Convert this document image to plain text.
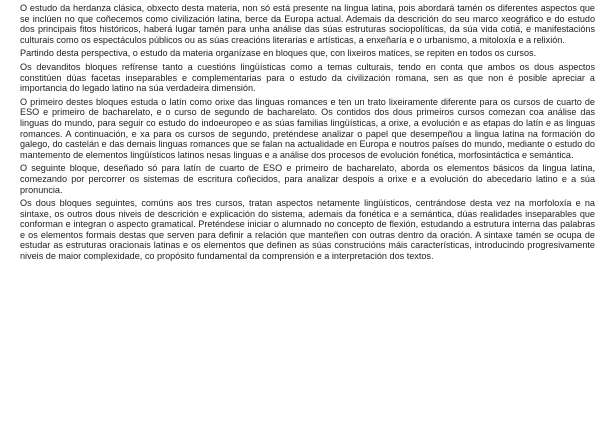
O estudo da herdanza clásica, obxecto desta materia, non só está presente na lingua latina, pois abordará tamén os diferentes aspectos que se inclúen no que coñecemos como civilización latina, berce da Europa actual. Ademais da descrición do seu marco xeográfico e do estudo dos principais fitos históricos, haberá lugar tamén para unha análise das súas estruturas sociopolíticas, da súa vida cotiá, e manifestacións culturais como os espectáculos públicos ou as súas creacións literarias e artísticas, a enxeñaría e o urbanismo, a mitoloxía e a relixión.

Partindo desta perspectiva, o estudo da materia organízase en bloques que, con lixeiros matices, se repiten en todos os cursos.

Os devanditos bloques refírense tanto a cuestións lingüísticas como a temas culturais, tendo en conta que ambos os dous aspectos constitúen dúas facetas inseparables e complementarias para o estudo da civilización romana, sen as que non é posible apreciar a importancia do legado latino na súa verdadeira dimensión.

O primeiro destes bloques estuda o latín como orixe das linguas romances e ten un trato lixeiramente diferente para os cursos de cuarto de ESO e primeiro de bacharelato, e o curso de segundo de bacharelato. Os contidos dos dous primeiros cursos comezan coa análise das linguas do mundo, para seguir co estudo do indoeuropeo e as súas familias lingüísticas, a orixe, a evolución e as etapas do latín e as linguas romances. A continuación, e xa para os cursos de segundo, preténdese analizar o papel que desempeñou a lingua latina na formación do galego, do castelán e das demais linguas romances que se falan na actualidade en Europa e noutros países do mundo, mediante o estudo do mantemento de elementos lingüísticos latinos nesas linguas e a análise dos procesos de evolución fonética, morfosintáctica e semántica.

O seguinte bloque, deseñado só para latín de cuarto de ESO e primeiro de bacharelato, aborda os elementos básicos da lingua latina, comezando por percorrer os sistemas de escritura coñecidos, para analizar despois a orixe e a evolución do abecedario latino e a súa pronuncia.

Os dous bloques seguintes, comúns aos tres cursos, tratan aspectos netamente lingüísticos, centrándose desta vez na morfoloxía e na sintaxe, os outros dous niveis de descrición e explicación do sistema, ademais da fonética e a semántica, dúas realidades inseparables que conforman e integran o aspecto gramatical. Preténdese iniciar o alumnado no concepto de flexión, estudando a estrutura interna das palabras e os elementos formais destas que serven para definir a relación que manteñen con outras dentro da oración. A sintaxe tamén se ocupa de estudar as estruturas oracionais latinas e os elementos que definen as súas construcións máis características, introducindo progresivamente niveis de maior complexidade, co propósito fundamental da comprensión e a interpretación dos textos.
